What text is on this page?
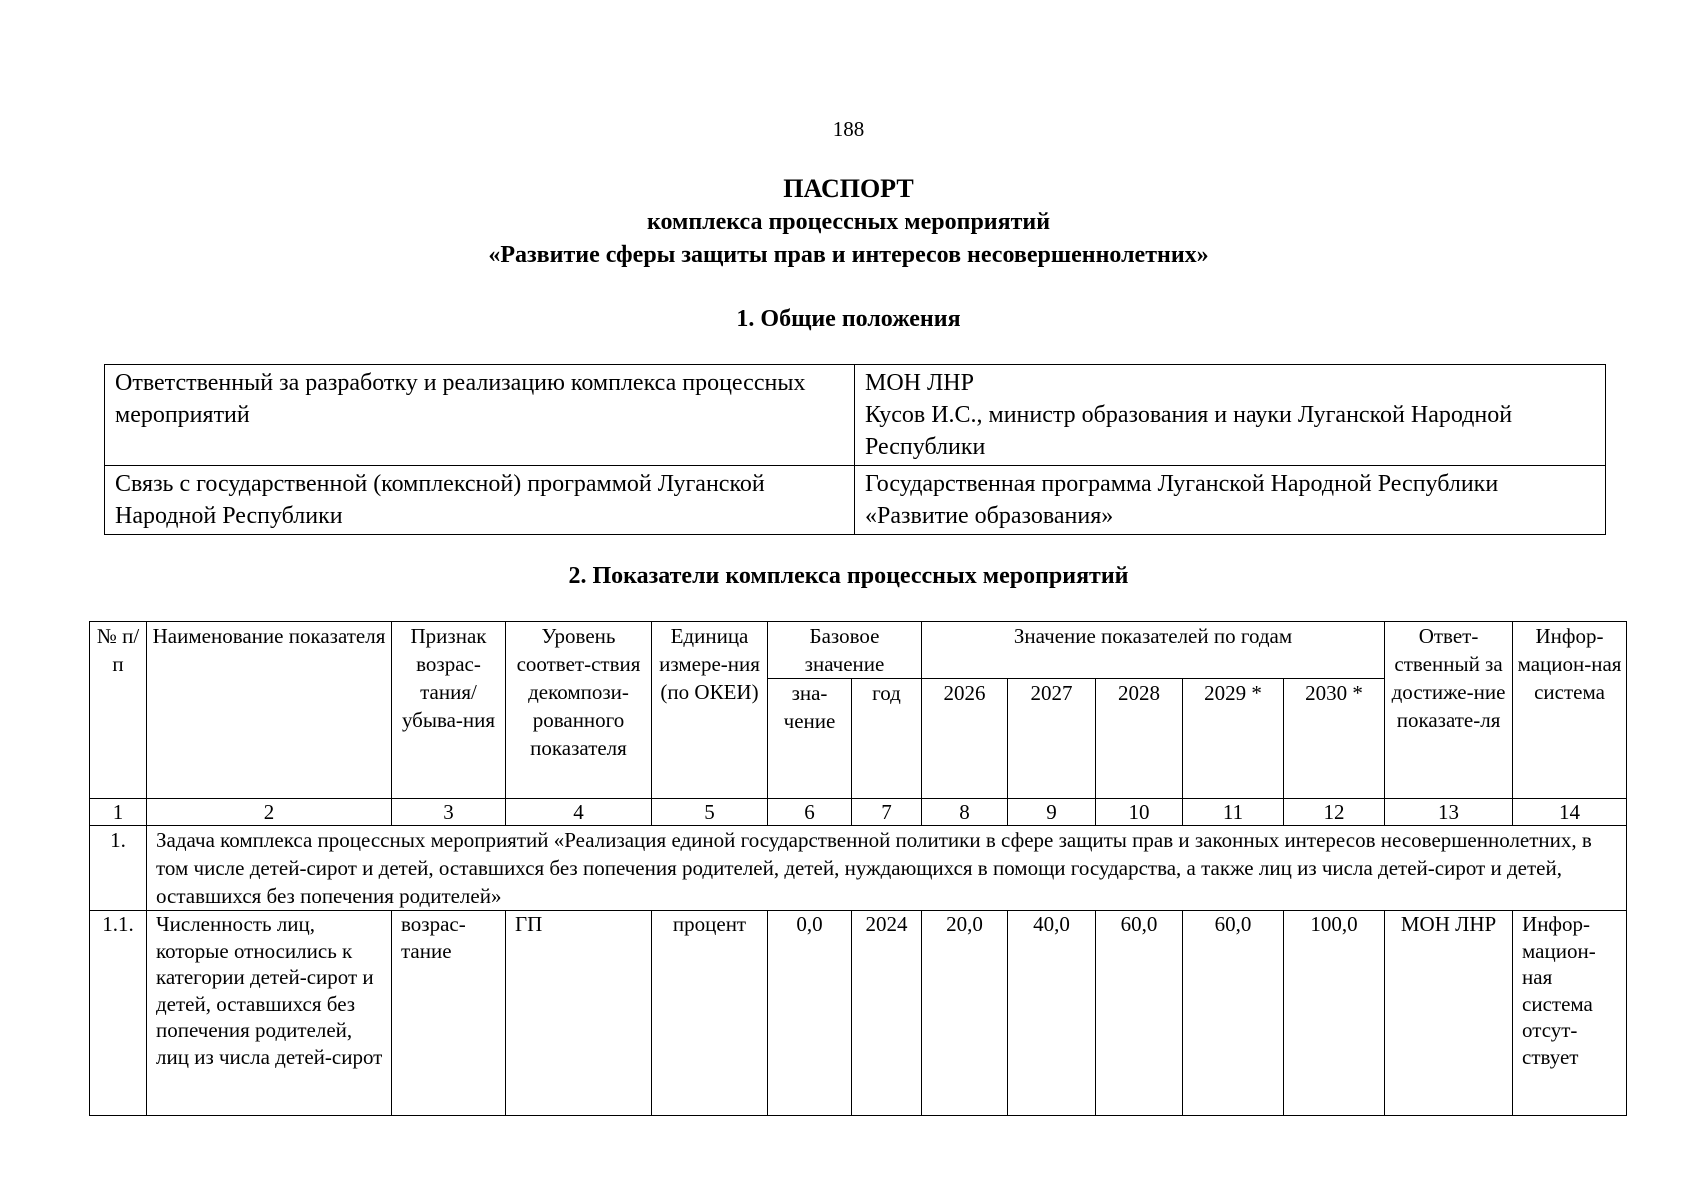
188
ПАСПОРТ
комплекса процессных мероприятий
«Развитие сферы защиты прав и интересов несовершеннолетних»
1. Общие положения
Ответственный за разработку и реализацию комплекса процессных мероприятий	МОН ЛНР
Кусов И.С., министр образования и науки Луганской Народной Республики

Связь с государственной (комплексной) программой Луганской Народной Республики	Государственная программа Луганской Народной Республики «Развитие образования»
2. Показатели комплекса процессных мероприятий
№ п/п	Наименование показателя	Признак возрас-тания/ убыва-ния	Уровень соответ-ствия декомпози-рованного показателя	Единица измере-ния (по ОКЕИ)	Базовое значение		Значение показателей по годам					Ответ-ственный за достиже-ние показате-ля	Инфор-мацион-ная система
					зна-чение	год	2026	2027	2028	2029 *	2030 *		
1	2	3	4	5	6	7	8	9	10	11	12	13	14
1.	Задача комплекса процессных мероприятий «Реализация единой государственной политики в сфере защиты прав и законных интересов несовершеннолетних, в том числе детей-сирот и детей, оставшихся без попечения родителей, детей, нуждающихся в помощи государства, а также лиц из числа детей-сирот и детей, оставшихся без попечения родителей»												
1.1.	Численность лиц, которые относились к категории детей-сирот и детей, оставшихся без попечения родителей, лиц из числа детей-сирот	возрас-тание	ГП	процент	0,0	2024	20,0	40,0	60,0	60,0	100,0	МОН ЛНР	Инфор-мацион-ная система отсут-ствует
